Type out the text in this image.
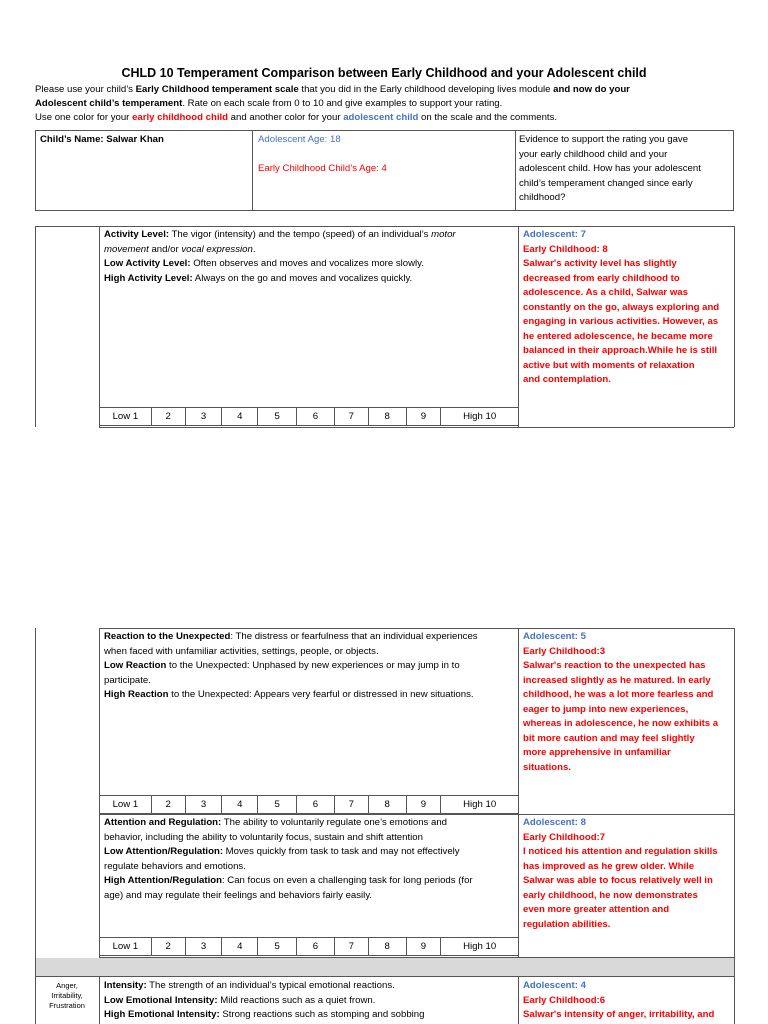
CHLD 10 Temperament Comparison between Early Childhood and your Adolescent child
Please use your child’s Early Childhood temperament scale that you did in the Early childhood developing lives module and now do your
Adolescent child’s temperament. Rate on each scale from 0 to 10 and give examples to support your rating.
Use one color for your early childhood child and another color for your adolescent child on the scale and the comments.
Child’s Name: Salwar Khan	Adolescent Age: 18
Early Childhood Child’s Age: 4
Evidence to support the rating you gave
your early childhood child and your
adolescent child. How has your adolescent
child’s temperament changed since early
childhood?
Activity Level: The vigor (intensity) and the tempo (speed) of an individual’s motor
movement and/or vocal expression.
Low Activity Level: Often observes and moves and vocalizes more slowly.
High Activity Level: Always on the go and moves and vocalizes quickly.
Adolescent: 7
Early Childhood: 8
Salwar's activity level has slightly
decreased from early childhood to
adolescence. As a child, Salwar was
constantly on the go, always exploring and
engaging in various activities. However, as
he entered adolescence, he became more
balanced in their approach.While he is still
active but with moments of relaxation
and contemplation.
Low 1	2	3	4	5	6	7	8	9	High 10
Reaction to the Unexpected: The distress or fearfulness that an individual experiences
when faced with unfamiliar activities, settings, people, or objects.
Low Reaction to the Unexpected: Unphased by new experiences or may jump in to
participate.
High Reaction to the Unexpected: Appears very fearful or distressed in new situations.
Adolescent: 5
Early Childhood:3
Salwar's reaction to the unexpected has
increased slightly as he matured. In early
childhood, he was a lot more fearless and
eager to jump into new experiences,
whereas in adolescence, he now exhibits a
bit more caution and may feel slightly
more apprehensive in unfamiliar
situations.
Low 1	2	3	4	5	6	7	8	9	High 10
Attention and Regulation: The ability to voluntarily regulate one’s emotions and
behavior, including the ability to voluntarily focus, sustain and shift attention
Low Attention/Regulation: Moves quickly from task to task and may not effectively
regulate behaviors and emotions.
High Attention/Regulation: Can focus on even a challenging task for long periods (for
age) and may regulate their feelings and behaviors fairly easily.
Adolescent: 8
Early Childhood:7
I noticed his attention and regulation skills
has improved as he grew older. While
Salwar was able to focus relatively well in
early childhood, he now demonstrates
even more greater attention and
regulation abilities.
Low 1	2	3	4	5	6	7	8	9	High 10
Anger,
Irritability,
Frustration
Intensity: The strength of an individual’s typical emotional reactions.
Low Emotional Intensity: Mild reactions such as a quiet frown.
High Emotional Intensity: Strong reactions such as stomping and sobbing
Adolescent: 4
Early Childhood:6
Salwar's intensity of anger, irritability, and
